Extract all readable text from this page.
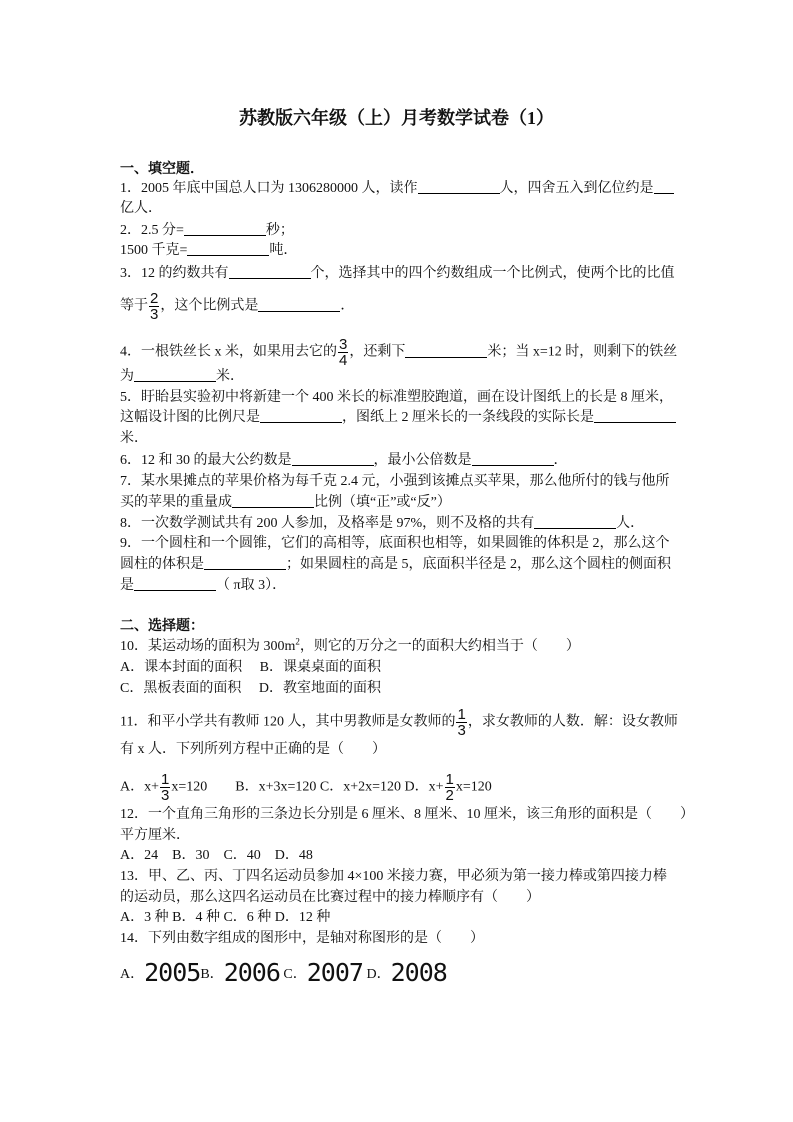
苏教版六年级（上）月考数学试卷（1）
一、填空题．
1．2005 年底中国总人口为 1306280000 人，读作	人，四舍五入到亿位约是
亿人．
2．2.5 分=	秒；
1500 千克=	吨．
3．12 的约数共有	个，选择其中的四个约数组成一个比例式，使两个比的比值
等于 $\frac{2}{3}$ ，这个比例式是	．
4．一根铁丝长 x 米，如果用去它的 $\frac{3}{4}$ ，还剩下	米；当 x=12 时，则剩下的铁丝
为	米．
5．盱眙县实验初中将新建一个 400 米长的标准塑胶跑道，画在设计图纸上的长是 8 厘米，
这幅设计图的比例尺是	，图纸上 2 厘米长的一条线段的实际长是
米．
6．12 和 30 的最大公约数是	，最小公倍数是	．
7．某水果摊点的苹果价格为每千克 2.4 元，小强到该摊点买苹果，那么他所付的钱与他所
买的苹果的重量成	比例（填“正”或“反”）
8．一次数学测试共有 200 人参加，及格率是 97%，则不及格的共有	人．
9．一个圆柱和一个圆锥，它们的高相等，底面积也相等，如果圆锥的体积是 2，那么这个
圆柱的体积是	；如果圆柱的高是 5，底面积半径是 2，那么这个圆柱的侧面积
是	（ π取 3）．
二、选择题：
10．某运动场的面积为 $300m^2$，则它的万分之一的面积大约相当于（　　）
A．课本封面的面积　 B．课桌桌面的面积
C．黑板表面的面积　 D．教室地面的面积
11．和平小学共有教师 120 人，其中男教师是女教师的 $\frac{1}{3}$ ，求女教师的人数．解：设女教师
有 x 人．下列所列方程中正确的是（　　）
A．$x+ \frac{1}{3} x=120$　　B．x+3x=120 C．x+2x=120 D．$x+ \frac{1}{2} x=120$
12．一个直角三角形的三条边长分别是 6 厘米、8 厘米、10 厘米，该三角形的面积是（　　）
平方厘米．
A．24　B．30　C．40　D．48
13．甲、乙、丙、丁四名运动员参加 4×100 米接力赛，甲必须为第一接力棒或第四接力棒
的运动员，那么这四名运动员在比赛过程中的接力棒顺序有（　　）
A．3 种 B．4 种 C．6 种 D．12 种
14．下列由数字组成的图形中，是轴对称图形的是（　　）
A．2005B．2006 C．2007 D．2008
